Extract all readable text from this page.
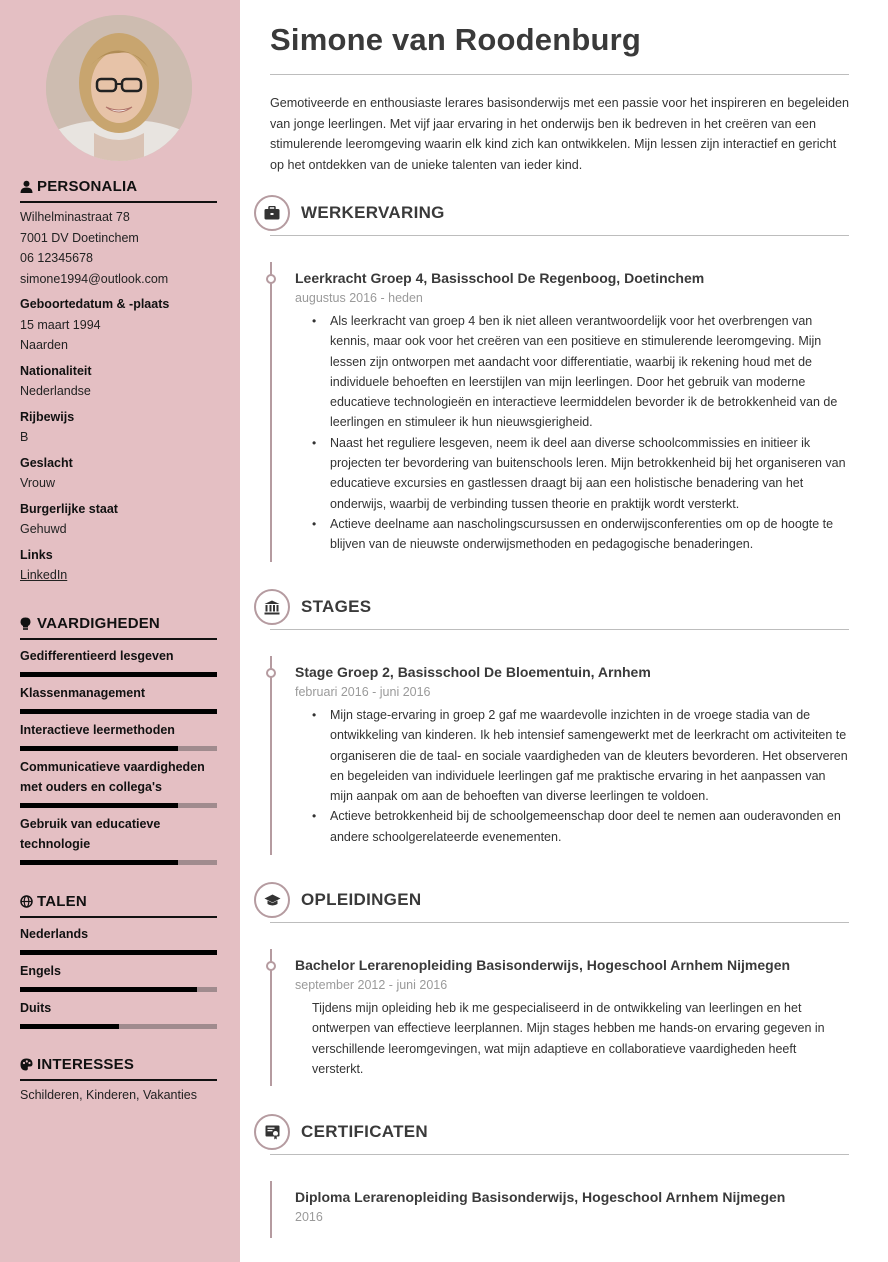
PERSONALIA
Wilhelminastraat 78
7001 DV Doetinchem
06 12345678
simone1994@outlook.com
Geboortedatum & -plaats
15 maart 1994
Naarden
Nationaliteit
Nederlandse
Rijbewijs
B
Geslacht
Vrouw
Burgerlijke staat
Gehuwd
Links
LinkedIn
VAARDIGHEDEN
Gedifferentieerd lesgeven
Klassenmanagement
Interactieve leermethoden
Communicatieve vaardigheden met ouders en collega's
Gebruik van educatieve technologie
TALEN
Nederlands
Engels
Duits
INTERESSES
Schilderen, Kinderen, Vakanties
Simone van Roodenburg
Gemotiveerde en enthousiaste lerares basisonderwijs met een passie voor het inspireren en begeleiden van jonge leerlingen. Met vijf jaar ervaring in het onderwijs ben ik bedreven in het creëren van een stimulerende leeromgeving waarin elk kind zich kan ontwikkelen. Mijn lessen zijn interactief en gericht op het ontdekken van de unieke talenten van ieder kind.
WERKERVARING
Leerkracht Groep 4, Basisschool De Regenboog, Doetinchem
augustus 2016 - heden
• Als leerkracht van groep 4 ben ik niet alleen verantwoordelijk voor het overbrengen van kennis, maar ook voor het creëren van een positieve en stimulerende leeromgeving. Mijn lessen zijn ontworpen met aandacht voor differentiatie, waarbij ik rekening houd met de individuele behoeften en leerstijlen van mijn leerlingen. Door het gebruik van moderne educatieve technologieën en interactieve leermiddelen bevorder ik de betrokkenheid van de leerlingen en stimuleer ik hun nieuwsgierigheid.
• Naast het reguliere lesgeven, neem ik deel aan diverse schoolcommissies en initieer ik projecten ter bevordering van buitenschools leren. Mijn betrokkenheid bij het organiseren van educatieve excursies en gastlessen draagt bij aan een holistische benadering van het onderwijs, waarbij de verbinding tussen theorie en praktijk wordt versterkt.
• Actieve deelname aan nascholingscursussen en onderwijsconferenties om op de hoogte te blijven van de nieuwste onderwijsmethoden en pedagogische benaderingen.
STAGES
Stage Groep 2, Basisschool De Bloementuin, Arnhem
februari 2016 - juni 2016
• Mijn stage-ervaring in groep 2 gaf me waardevolle inzichten in de vroege stadia van de ontwikkeling van kinderen. Ik heb intensief samengewerkt met de leerkracht om activiteiten te organiseren die de taal- en sociale vaardigheden van de kleuters bevorderen. Het observeren en begeleiden van individuele leerlingen gaf me praktische ervaring in het aanpassen van mijn aanpak om aan de behoeften van diverse leerlingen te voldoen.
• Actieve betrokkenheid bij de schoolgemeenschap door deel te nemen aan ouderavonden en andere schoolgerelateerde evenementen.
OPLEIDINGEN
Bachelor Lerarenopleiding Basisonderwijs, Hogeschool Arnhem Nijmegen
september 2012 - juni 2016
Tijdens mijn opleiding heb ik me gespecialiseerd in de ontwikkeling van leerlingen en het ontwerpen van effectieve leerplannen. Mijn stages hebben me hands-on ervaring gegeven in verschillende leeromgevingen, wat mijn adaptieve en collaboratieve vaardigheden heeft versterkt.
CERTIFICATEN
Diploma Lerarenopleiding Basisonderwijs, Hogeschool Arnhem Nijmegen
2016
